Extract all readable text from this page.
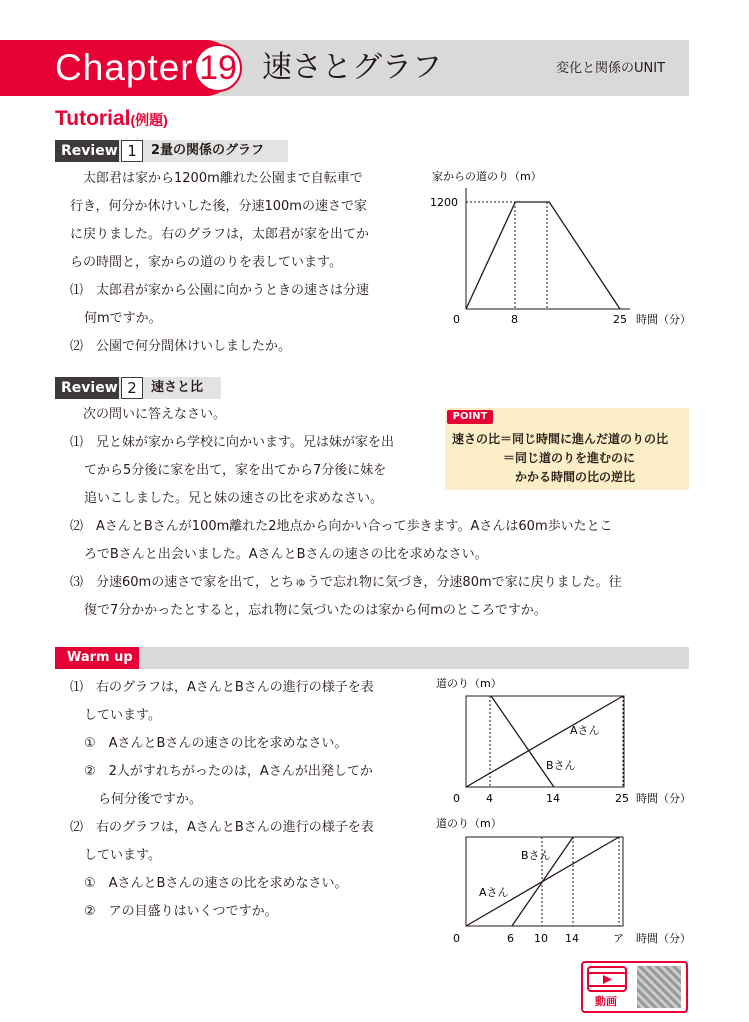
Chapter 19 速さとグラフ	変化と関係のUNIT
Tutorial(例題)
Review 1	2量の関係のグラフ
　太郎君は家から1200m離れた公園まで自転車で
行き，何分か休けいした後，分速100mの速さで家
に戻りました。右のグラフは，太郎君が家を出てか
らの時間と，家からの道のりを表しています。
⑴　太郎君が家から公園に向かうときの速さは分速
何mですか。
⑵　公園で何分間休けいしましたか。
家からの道のり（m）
1200
0	8	25 時間（分）
Review 2	速さと比
　次の問いに答えなさい。
⑴　兄と妹が家から学校に向かいます。兄は妹が家を出
てから5分後に家を出て，家を出てから7分後に妹を
追いこしました。兄と妹の速さの比を求めなさい。
⑵　AさんとBさんが100m離れた2地点から向かい合って歩きます。Aさんは60m歩いたとこ
ろでBさんと出会いました。AさんとBさんの速さの比を求めなさい。
⑶　分速60mの速さで家を出て，とちゅうで忘れ物に気づき，分速80mで家に戻りました。往
復で7分かかったとすると，忘れ物に気づいたのは家から何mのところですか。
POINT
速さの比＝同じ時間に進んだ道のりの比
＝同じ道のりを進むのに
かかる時間の比の逆比
Warm up
⑴　右のグラフは，AさんとBさんの進行の様子を表
しています。
①　AさんとBさんの速さの比を求めなさい。
②　2人がすれちがったのは，Aさんが出発してか
ら何分後ですか。
道のり（m）
Aさん
Bさん
0 4	14	25 時間（分）
⑵　右のグラフは，AさんとBさんの進行の様子を表
しています。
①　AさんとBさんの速さの比を求めなさい。
②　アの目盛りはいくつですか。
道のり（m）
Bさん
Aさん
0	6 10 14	ア 時間（分）
動画
